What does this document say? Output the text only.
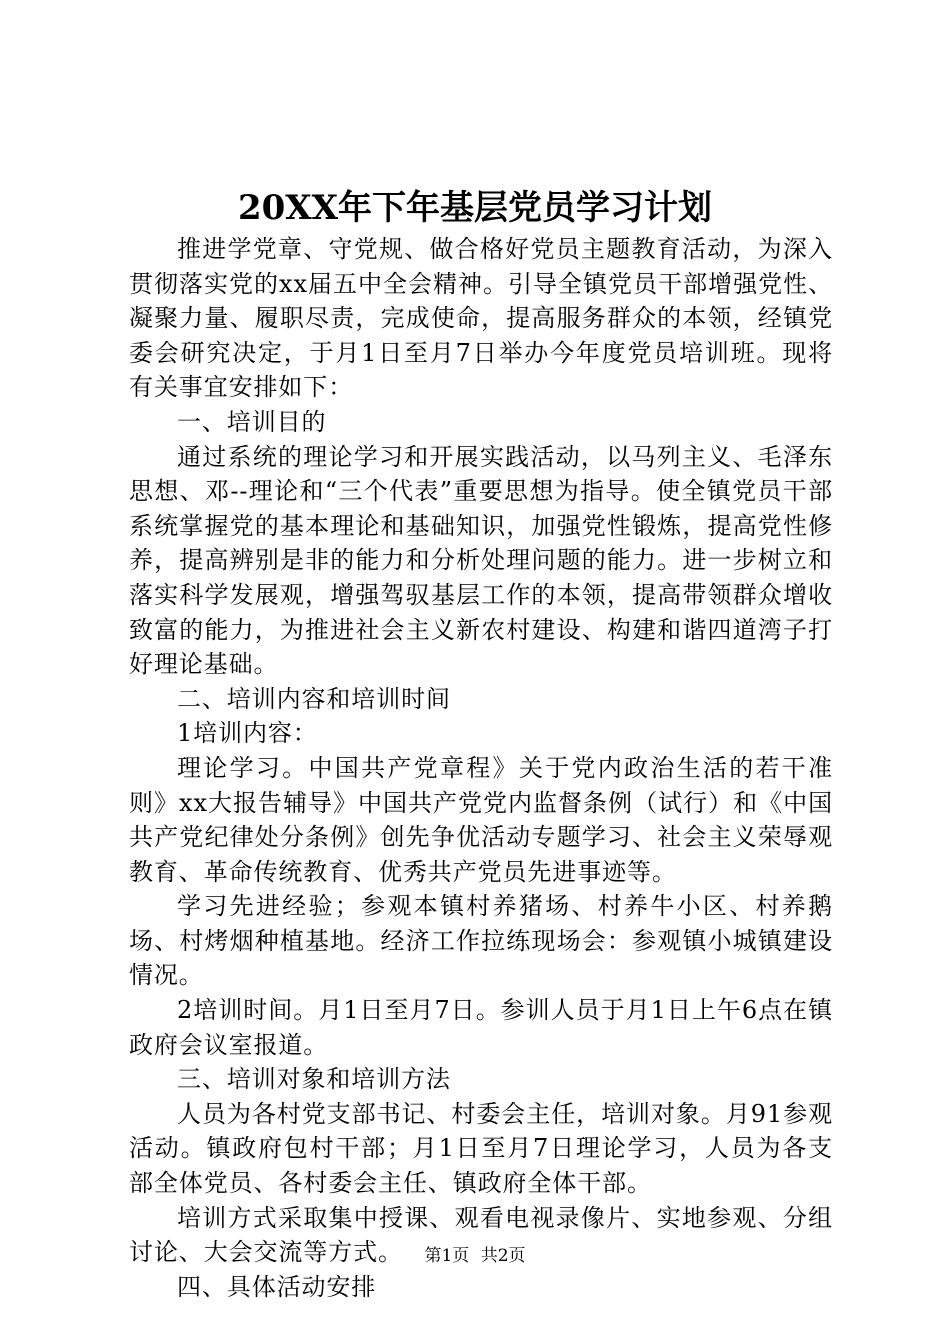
20XX年下年基层党员学习计划

推进学党章、守党规、做合格好党员主题教育活动，为深入贯彻落实党的xx届五中全会精神。引导全镇党员干部增强党性、凝聚力量、履职尽责，完成使命，提高服务群众的本领，经镇党委会研究决定，于月1日至月7日举办今年度党员培训班。现将有关事宜安排如下：

一、培训目的

通过系统的理论学习和开展实践活动，以马列主义、毛泽东思想、邓--理论和“三个代表”重要思想为指导。使全镇党员干部系统掌握党的基本理论和基础知识，加强党性锻炼，提高党性修养，提高辨别是非的能力和分析处理问题的能力。进一步树立和落实科学发展观，增强驾驭基层工作的本领，提高带领群众增收致富的能力，为推进社会主义新农村建设、构建和谐四道湾子打好理论基础。

二、培训内容和培训时间

1培训内容：

理论学习。中国共产党章程》关于党内政治生活的若干准则》xx大报告辅导》中国共产党党内监督条例（试行）和《中国共产党纪律处分条例》创先争优活动专题学习、社会主义荣辱观教育、革命传统教育、优秀共产党员先进事迹等。

学习先进经验；参观本镇村养猪场、村养牛小区、村养鹅场、村烤烟种植基地。经济工作拉练现场会：参观镇小城镇建设情况。

2培训时间。月1日至月7日。参训人员于月1日上午6点在镇政府会议室报道。

三、培训对象和培训方法

人员为各村党支部书记、村委会主任，培训对象。月91参观活动。镇政府包村干部；月1日至月7日理论学习，人员为各支部全体党员、各村委会主任、镇政府全体干部。

培训方式采取集中授课、观看电视录像片、实地参观、分组讨论、大会交流等方式。

四、具体活动安排

第1页 共2页
